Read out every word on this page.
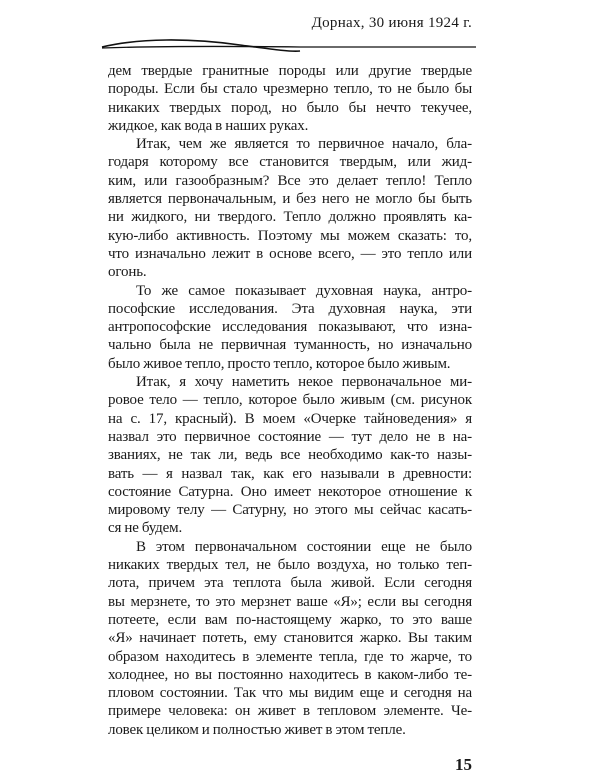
Дорнах, 30 июня 1924 г.
дем твердые гранитные породы или другие твердые
породы. Если бы стало чрезмерно тепло, то не было бы
никаких твердых пород, но было бы нечто текучее,
жидкое, как вода в наших руках.
Итак, чем же является то первичное начало, бла-
годаря которому все становится твердым, или жид-
ким, или газообразным? Все это делает тепло! Тепло
является первоначальным, и без него не могло бы быть
ни жидкого, ни твердого. Тепло должно проявлять ка-
кую-либо активность. Поэтому мы можем сказать: то,
что изначально лежит в основе всего, — это тепло или
огонь.
То же самое показывает духовная наука, антро-
пософские исследования. Эта духовная наука, эти
антропософские исследования показывают, что изна-
чально была не первичная туманность, но изначально
было живое тепло, просто тепло, которое было живым.
Итак, я хочу наметить некое первоначальное ми-
ровое тело — тепло, которое было живым (см. рисунок
на с. 17, красный). В моем «Очерке тайноведения» я
назвал это первичное состояние — тут дело не в на-
званиях, не так ли, ведь все необходимо как-то назы-
вать — я назвал так, как его называли в древности:
состояние Сатурна. Оно имеет некоторое отношение к
мировому телу — Сатурну, но этого мы сейчас касать-
ся не будем.
В этом первоначальном состоянии еще не было
никаких твердых тел, не было воздуха, но только теп-
лота, причем эта теплота была живой. Если сегодня
вы мерзнете, то это мерзнет ваше «Я»; если вы сегодня
потеете, если вам по-настоящему жарко, то это ваше
«Я» начинает потеть, ему становится жарко. Вы таким
образом находитесь в элементе тепла, где то жарче, то
холоднее, но вы постоянно находитесь в каком-либо те-
пловом состоянии. Так что мы видим еще и сегодня на
примере человека: он живет в тепловом элементе. Че-
ловек целиком и полностью живет в этом тепле.
15
